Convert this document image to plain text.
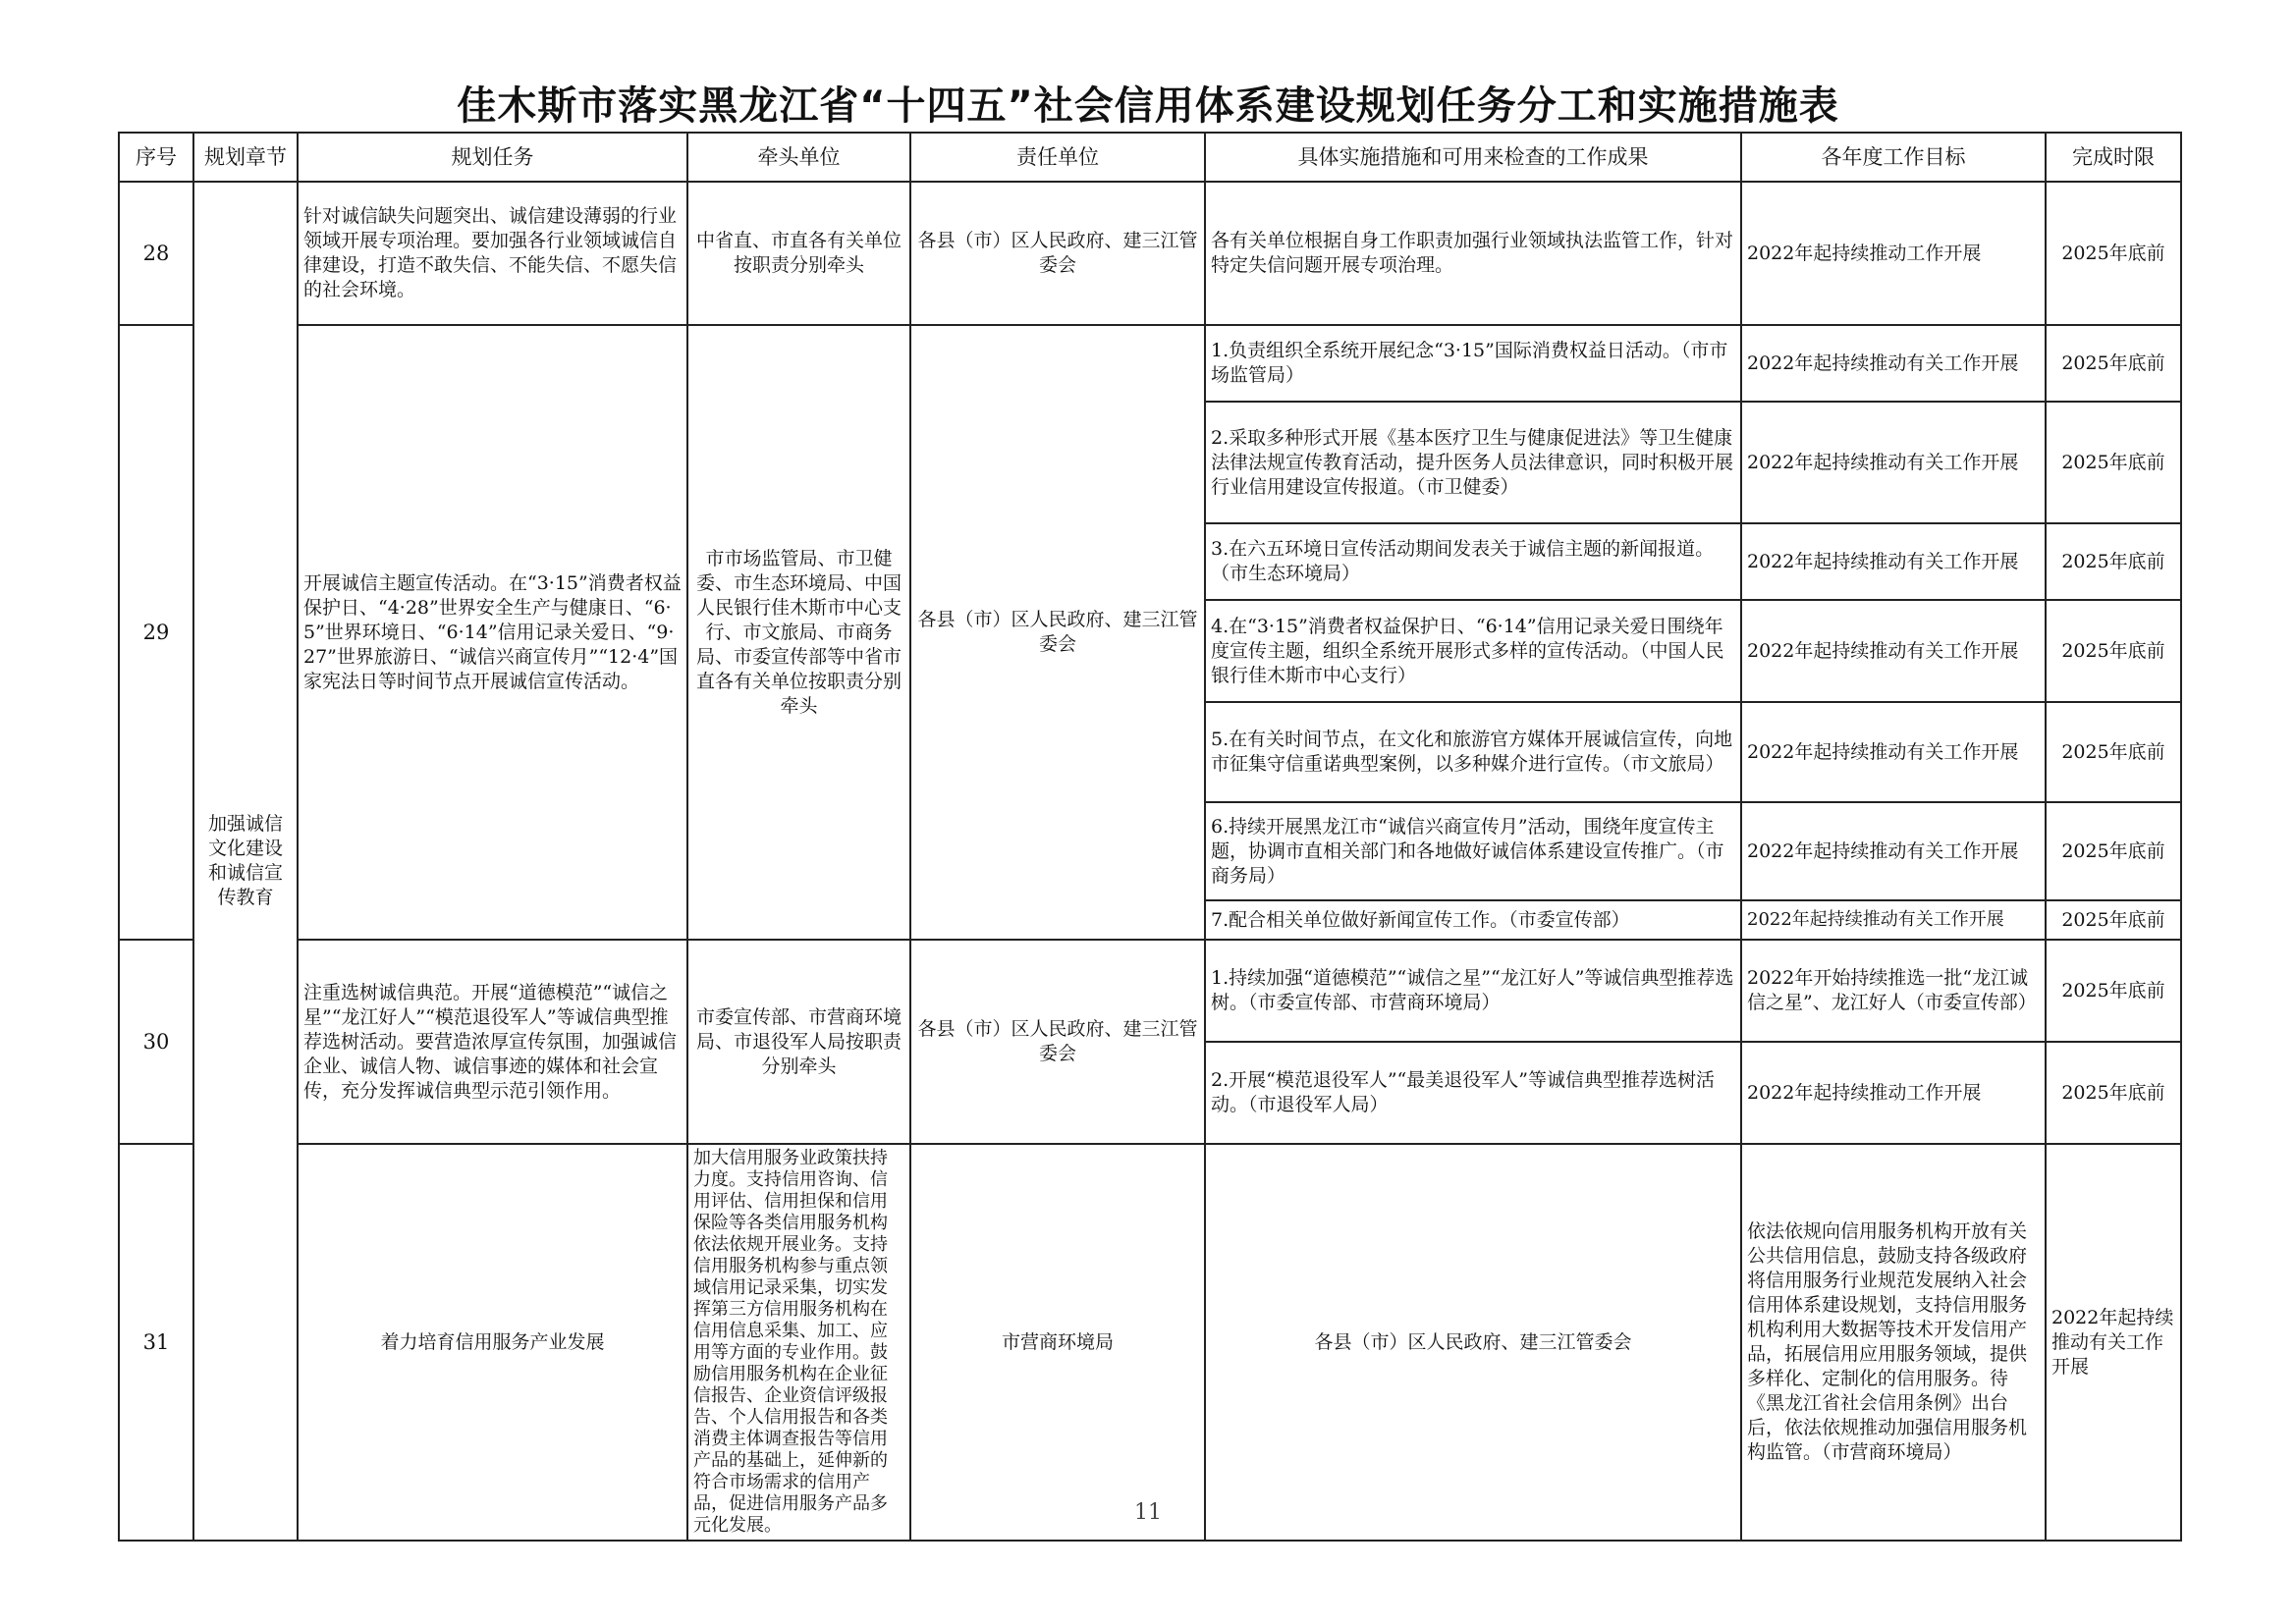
佳木斯市落实黑龙江省“十四五”社会信用体系建设规划任务分工和实施措施表
序号	规划章节	规划任务	牵头单位	责任单位	具体实施措施和可用来检查的工作成果	各年度工作目标	完成时限	
28	加强诚信文化建设和诚信宣传教育	针对诚信缺失问题突出、诚信建设薄弱的行业领域开展专项治理。要加强各行业领域诚信自律建设，打造不敢失信、不能失信、不愿失信的社会环境。	中省直、市直各有关单位按职责分别牵头	各县（市）区人民政府、建三江管委会	各有关单位根据自身工作职责加强行业领域执法监管工作，针对特定失信问题开展专项治理。	2022年起持续推动工作开展	2025年底前	
29		开展诚信主题宣传活动。在“3·15”消费者权益保护日、“4·28”世界安全生产与健康日、“6·5”世界环境日、“6·14”信用记录关爱日、“9·27”世界旅游日、“诚信兴商宣传月”“12·4”国家宪法日等时间节点开展诚信宣传活动。	市市场监管局、市卫健委、市生态环境局、中国人民银行佳木斯市中心支行、市文旅局、市商务局、市委宣传部等中省市直各有关单位按职责分别牵头	各县（市）区人民政府、建三江管委会	1.负责组织全系统开展纪念“3·15”国际消费权益日活动。（市市场监管局）	2022年起持续推动有关工作开展	2025年底前	
					2.采取多种形式开展《基本医疗卫生与健康促进法》等卫生健康法律法规宣传教育活动，提升医务人员法律意识，同时积极开展行业信用建设宣传报道。（市卫健委）	2022年起持续推动有关工作开展	2025年底前	
					3.在六五环境日宣传活动期间发表关于诚信主题的新闻报道。（市生态环境局）	2022年起持续推动有关工作开展	2025年底前	
					4.在“3·15”消费者权益保护日、“6·14”信用记录关爱日围绕年度宣传主题，组织全系统开展形式多样的宣传活动。（中国人民银行佳木斯市中心支行）	2022年起持续推动有关工作开展	2025年底前	
					5.在有关时间节点，在文化和旅游官方媒体开展诚信宣传，向地市征集守信重诺典型案例，以多种媒介进行宣传。（市文旅局）	2022年起持续推动有关工作开展	2025年底前	
					6.持续开展黑龙江市“诚信兴商宣传月”活动，围绕年度宣传主题，协调市直相关部门和各地做好诚信体系建设宣传推广。（市商务局）	2022年起持续推动有关工作开展	2025年底前	
					7.配合相关单位做好新闻宣传工作。（市委宣传部）	2022年起持续推动有关工作开展	2025年底前	
30		注重选树诚信典范。开展“道德模范”“诚信之星”“龙江好人”“模范退役军人”等诚信典型推荐选树活动。要营造浓厚宣传氛围，加强诚信企业、诚信人物、诚信事迹的媒体和社会宣传，充分发挥诚信典型示范引领作用。	市委宣传部、市营商环境局、市退役军人局按职责分别牵头	各县（市）区人民政府、建三江管委会	1.持续加强“道德模范”“诚信之星”“龙江好人”等诚信典型推荐选树。（市委宣传部、市营商环境局）	2022年开始持续推选一批“龙江诚信之星”、龙江好人（市委宣传部）	2025年底前	
					2.开展“模范退役军人”“最美退役军人”等诚信典型推荐选树活动。（市退役军人局）	2022年起持续推动工作开展	2025年底前	
31		着力培育信用服务产业发展	加大信用服务业政策扶持力度。支持信用咨询、信用评估、信用担保和信用保险等各类信用服务机构依法依规开展业务。支持信用服务机构参与重点领域信用记录采集，切实发挥第三方信用服务机构在信用信息采集、加工、应用等方面的专业作用。鼓励信用服务机构在企业征信报告、企业资信评级报告、个人信用报告和各类消费主体调查报告等信用产品的基础上，延伸新的符合市场需求的信用产品，促进信用服务产品多元化发展。	市营商环境局	各县（市）区人民政府、建三江管委会	依法依规向信用服务机构开放有关公共信用信息，鼓励支持各级政府将信用服务行业规范发展纳入社会信用体系建设规划，支持信用服务机构利用大数据等技术开发信用产品，拓展信用应用服务领域，提供多样化、定制化的信用服务。待《黑龙江省社会信用条例》出台后，依法依规推动加强信用服务机构监管。（市营商环境局）	2022年起持续推动有关工作开展	
11
